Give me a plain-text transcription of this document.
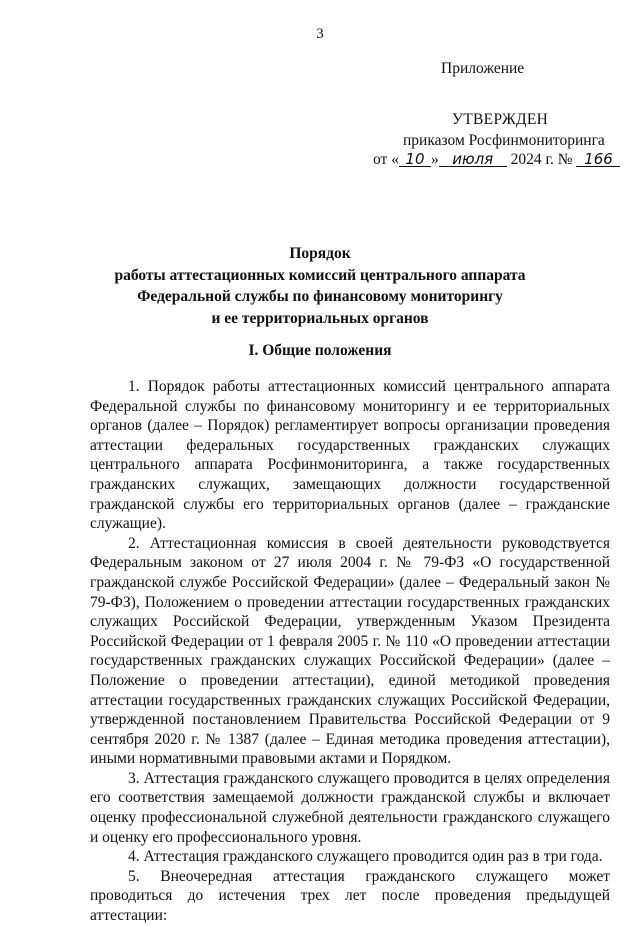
3
Приложение
УТВЕРЖДЕН
приказом Росфинмониторинга
от « 10 » июля 2024 г. № 166
Порядок
работы аттестационных комиссий центрального аппарата
Федеральной службы по финансовому мониторингу
и ее территориальных органов
I. Общие положения

1. Порядок работы аттестационных комиссий центрального аппарата Федеральной службы по финансовому мониторингу и ее территориальных органов (далее – Порядок) регламентирует вопросы организации проведения аттестации федеральных государственных гражданских служащих центрального аппарата Росфинмониторинга, а также государственных гражданских служащих, замещающих должности государственной гражданской службы его территориальных органов (далее – гражданские служащие).

2. Аттестационная комиссия в своей деятельности руководствуется Федеральным законом от 27 июля 2004 г. № 79-ФЗ «О государственной гражданской службе Российской Федерации» (далее – Федеральный закон № 79-ФЗ), Положением о проведении аттестации государственных гражданских служащих Российской Федерации, утвержденным Указом Президента Российской Федерации от 1 февраля 2005 г. № 110 «О проведении аттестации государственных гражданских служащих Российской Федерации» (далее – Положение о проведении аттестации), единой методикой проведения аттестации государственных гражданских служащих Российской Федерации, утвержденной постановлением Правительства Российской Федерации от 9 сентября 2020 г. № 1387 (далее – Единая методика проведения аттестации), иными нормативными правовыми актами и Порядком.

3. Аттестация гражданского служащего проводится в целях определения его соответствия замещаемой должности гражданской службы и включает оценку профессиональной служебной деятельности гражданского служащего и оценку его профессионального уровня.

4. Аттестация гражданского служащего проводится один раз в три года.

5. Внеочередная аттестация гражданского служащего может проводиться до истечения трех лет после проведения предыдущей аттестации:
